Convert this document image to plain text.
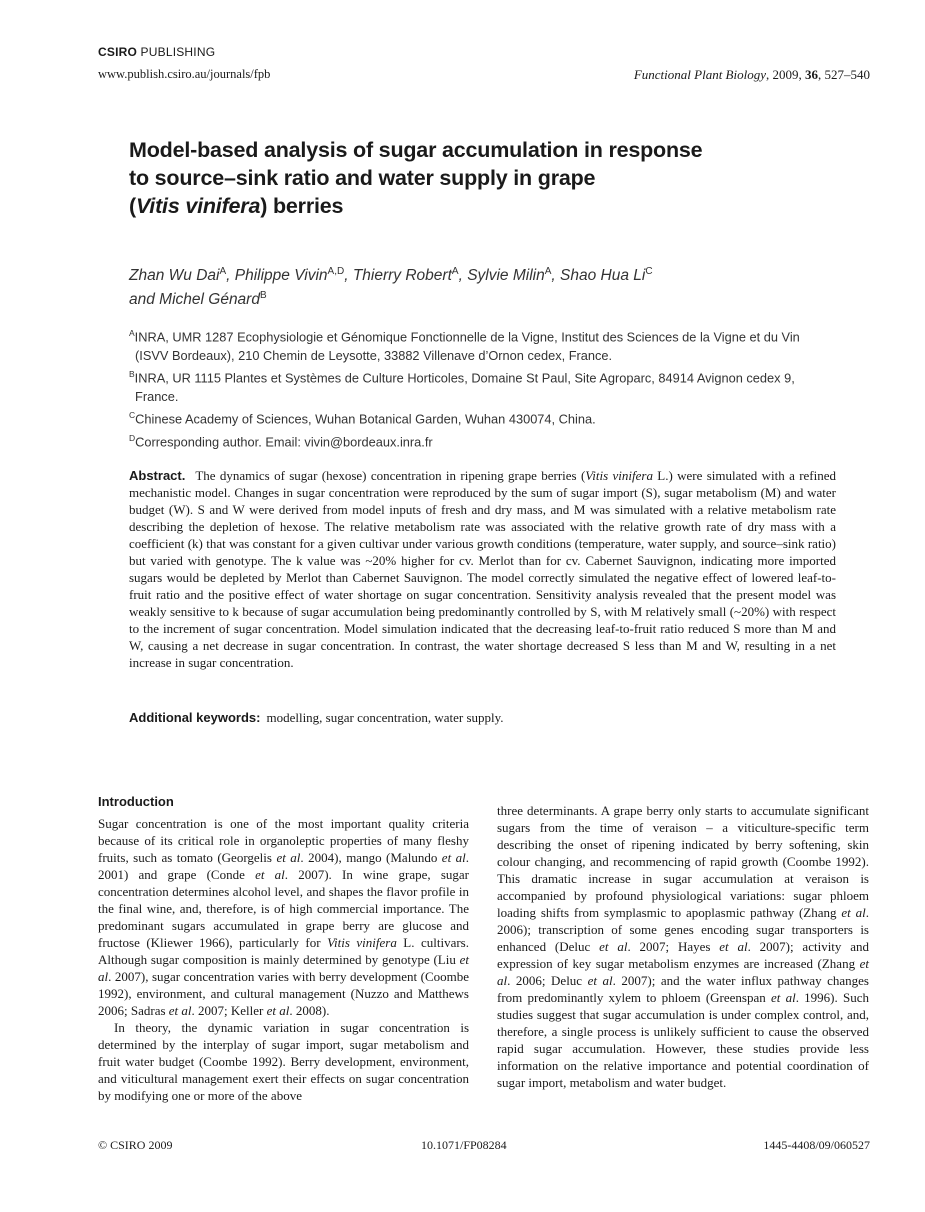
CSIRO PUBLISHING
www.publish.csiro.au/journals/fpb	Functional Plant Biology, 2009, 36, 527–540
Model-based analysis of sugar accumulation in response
to source–sink ratio and water supply in grape
(Vitis vinifera) berries
Zhan Wu Dai$^A$, Philippe Vivin$^{A,D}$, Thierry Robert$^A$, Sylvie Milin$^A$, Shao Hua $Li^C$
and Michel Génard$^B$
$^A$INRA, UMR 1287 Ecophysiologie et Génomique Fonctionnelle de la Vigne, Institut des Sciences de la Vigne et du Vin (ISVV Bordeaux), 210 Chemin de Leysotte, 33882 Villenave d’Ornon cedex, France.
$^B$INRA, UR 1115 Plantes et Systèmes de Culture Horticoles, Domaine St Paul, Site Agroparc, 84914 Avignon cedex 9, France.
$^C$Chinese Academy of Sciences, Wuhan Botanical Garden, Wuhan 430074, China.
$^D$Corresponding author. Email: vivin@bordeaux.inra.fr
Abstract. The dynamics of sugar (hexose) concentration in ripening grape berries (Vitis vinifera L.) were simulated with a refined mechanistic model. Changes in sugar concentration were reproduced by the sum of sugar import (S), sugar metabolism (M) and water budget (W). S and W were derived from model inputs of fresh and dry mass, and M was simulated with a relative metabolism rate describing the depletion of hexose. The relative metabolism rate was associated with the relative growth rate of dry mass with a coefficient (k) that was constant for a given cultivar under various growth conditions (temperature, water supply, and source–sink ratio) but varied with genotype. The k value was ~20% higher for cv. Merlot than for cv. Cabernet Sauvignon, indicating more imported sugars would be depleted by Merlot than Cabernet Sauvignon. The model correctly simulated the negative effect of lowered leaf-to-fruit ratio and the positive effect of water shortage on sugar concentration. Sensitivity analysis revealed that the present model was weakly sensitive to k because of sugar accumulation being predominantly controlled by S, with M relatively small (~20%) with respect to the increment of sugar concentration. Model simulation indicated that the decreasing leaf-to-fruit ratio reduced S more than M and W, causing a net decrease in sugar concentration. In contrast, the water shortage decreased S less than M and W, resulting in a net increase in sugar concentration.
Additional keywords: modelling, sugar concentration, water supply.
Introduction

Sugar concentration is one of the most important quality criteria because of its critical role in organoleptic properties of many fleshy fruits, such as tomato (Georgelis et al. 2004), mango (Malundo et al. 2001) and grape (Conde et al. 2007). In wine grape, sugar concentration determines alcohol level, and shapes the flavor profile in the final wine, and, therefore, is of high commercial importance. The predominant sugars accumulated in grape berry are glucose and fructose (Kliewer 1966), particularly for Vitis vinifera L. cultivars. Although sugar composition is mainly determined by genotype (Liu et al. 2007), sugar concentration varies with berry development (Coombe 1992), environment, and cultural management (Nuzzo and Matthews 2006; Sadras et al. 2007; Keller et al. 2008).

In theory, the dynamic variation in sugar concentration is determined by the interplay of sugar import, sugar metabolism and fruit water budget (Coombe 1992). Berry development, environment, and viticultural management exert their effects on sugar concentration by modifying one or more of the above

three determinants. A grape berry only starts to accumulate significant sugars from the time of veraison – a viticulture-specific term describing the onset of ripening indicated by berry softening, skin colour changing, and recommencing of rapid growth (Coombe 1992). This dramatic increase in sugar accumulation at veraison is accompanied by profound physiological variations: sugar phloem loading shifts from symplasmic to apoplasmic pathway (Zhang et al. 2006); transcription of some genes encoding sugar transporters is enhanced (Deluc et al. 2007; Hayes et al. 2007); activity and expression of key sugar metabolism enzymes are increased (Zhang et al. 2006; Deluc et al. 2007); and the water influx pathway changes from predominantly xylem to phloem (Greenspan et al. 1996). Such studies suggest that sugar accumulation is under complex control, and, therefore, a single process is unlikely sufficient to cause the observed rapid sugar accumulation. However, these studies provide less information on the relative importance and potential coordination of sugar import, metabolism and water budget.

© CSIRO 2009	10.1071/FP08284	1445-4408/09/060527
